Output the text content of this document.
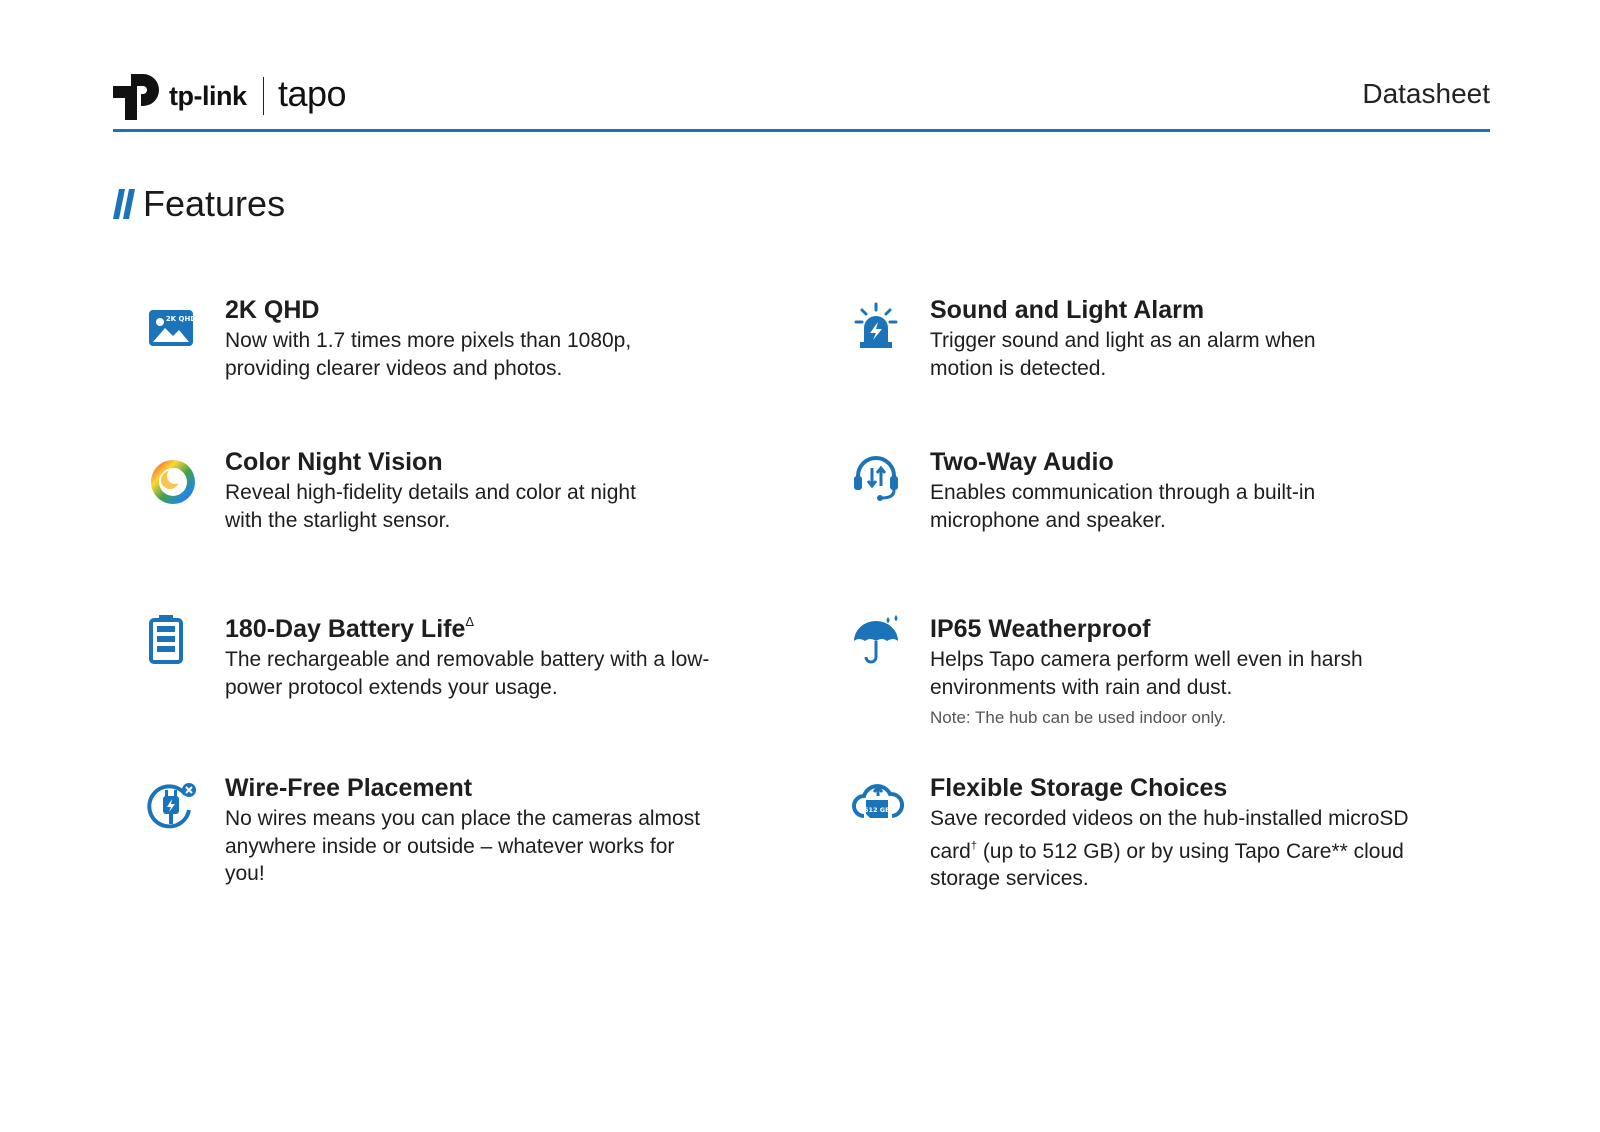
tp-link tapo	Datasheet
Features
2K QHD 2K QHD
Now with 1.7 times more pixels than 1080p, providing clearer videos and photos.
Color Night Vision
Reveal high-fidelity details and color at night with the starlight sensor.
180-Day Battery Life$^\Delta$
The rechargeable and removable battery with a low-power protocol extends your usage.
Wire-Free Placement
No wires means you can place the cameras almost anywhere inside or outside – whatever works for you!
Sound and Light Alarm
Trigger sound and light as an alarm when motion is detected.
Two-Way Audio
Enables communication through a built-in microphone and speaker.
IP65 Weatherproof
Helps Tapo camera perform well even in harsh environments with rain and dust.
Note: The hub can be used indoor only.
512 GB
Flexible Storage Choices
Save recorded videos on the hub-installed microSD card† (up to 512 GB) or by using Tapo Care** cloud storage services.
